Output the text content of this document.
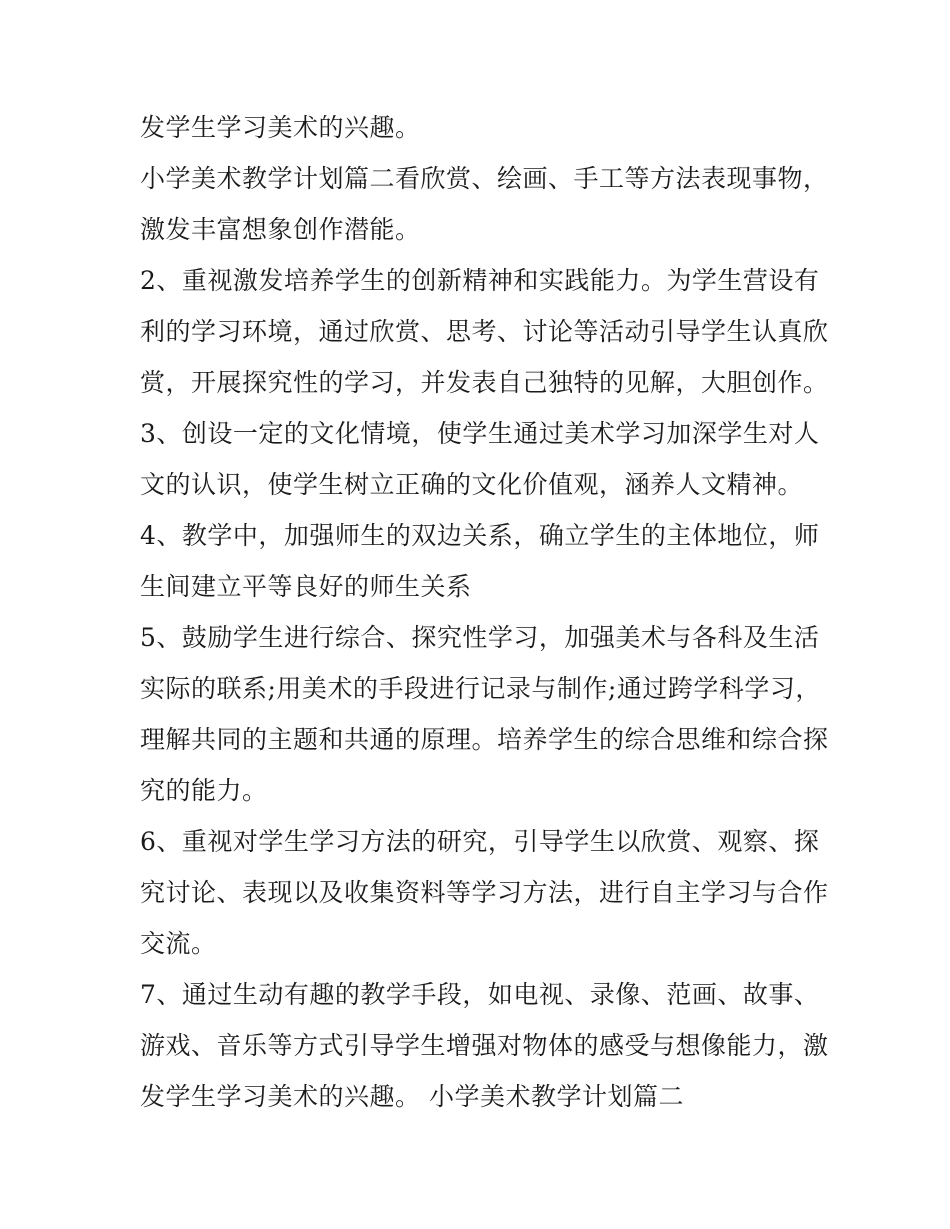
发学生学习美术的兴趣。
小学美术教学计划篇二看欣赏、绘画、手工等方法表现事物，
激发丰富想象创作潜能。
2、重视激发培养学生的创新精神和实践能力。为学生营设有
利的学习环境，通过欣赏、思考、讨论等活动引导学生认真欣
赏，开展探究性的学习，并发表自己独特的见解，大胆创作。
3、创设一定的文化情境，使学生通过美术学习加深学生对人
文的认识，使学生树立正确的文化价值观，涵养人文精神。
4、教学中，加强师生的双边关系，确立学生的主体地位，师
生间建立平等良好的师生关系
5、鼓励学生进行综合、探究性学习，加强美术与各科及生活
实际的联系;用美术的手段进行记录与制作;通过跨学科学习，
理解共同的主题和共通的原理。培养学生的综合思维和综合探
究的能力。
6、重视对学生学习方法的研究，引导学生以欣赏、观察、探
究讨论、表现以及收集资料等学习方法，进行自主学习与合作
交流。
7、通过生动有趣的教学手段，如电视、录像、范画、故事、
游戏、音乐等方式引导学生增强对物体的感受与想像能力，激
发学生学习美术的兴趣。 小学美术教学计划篇二
